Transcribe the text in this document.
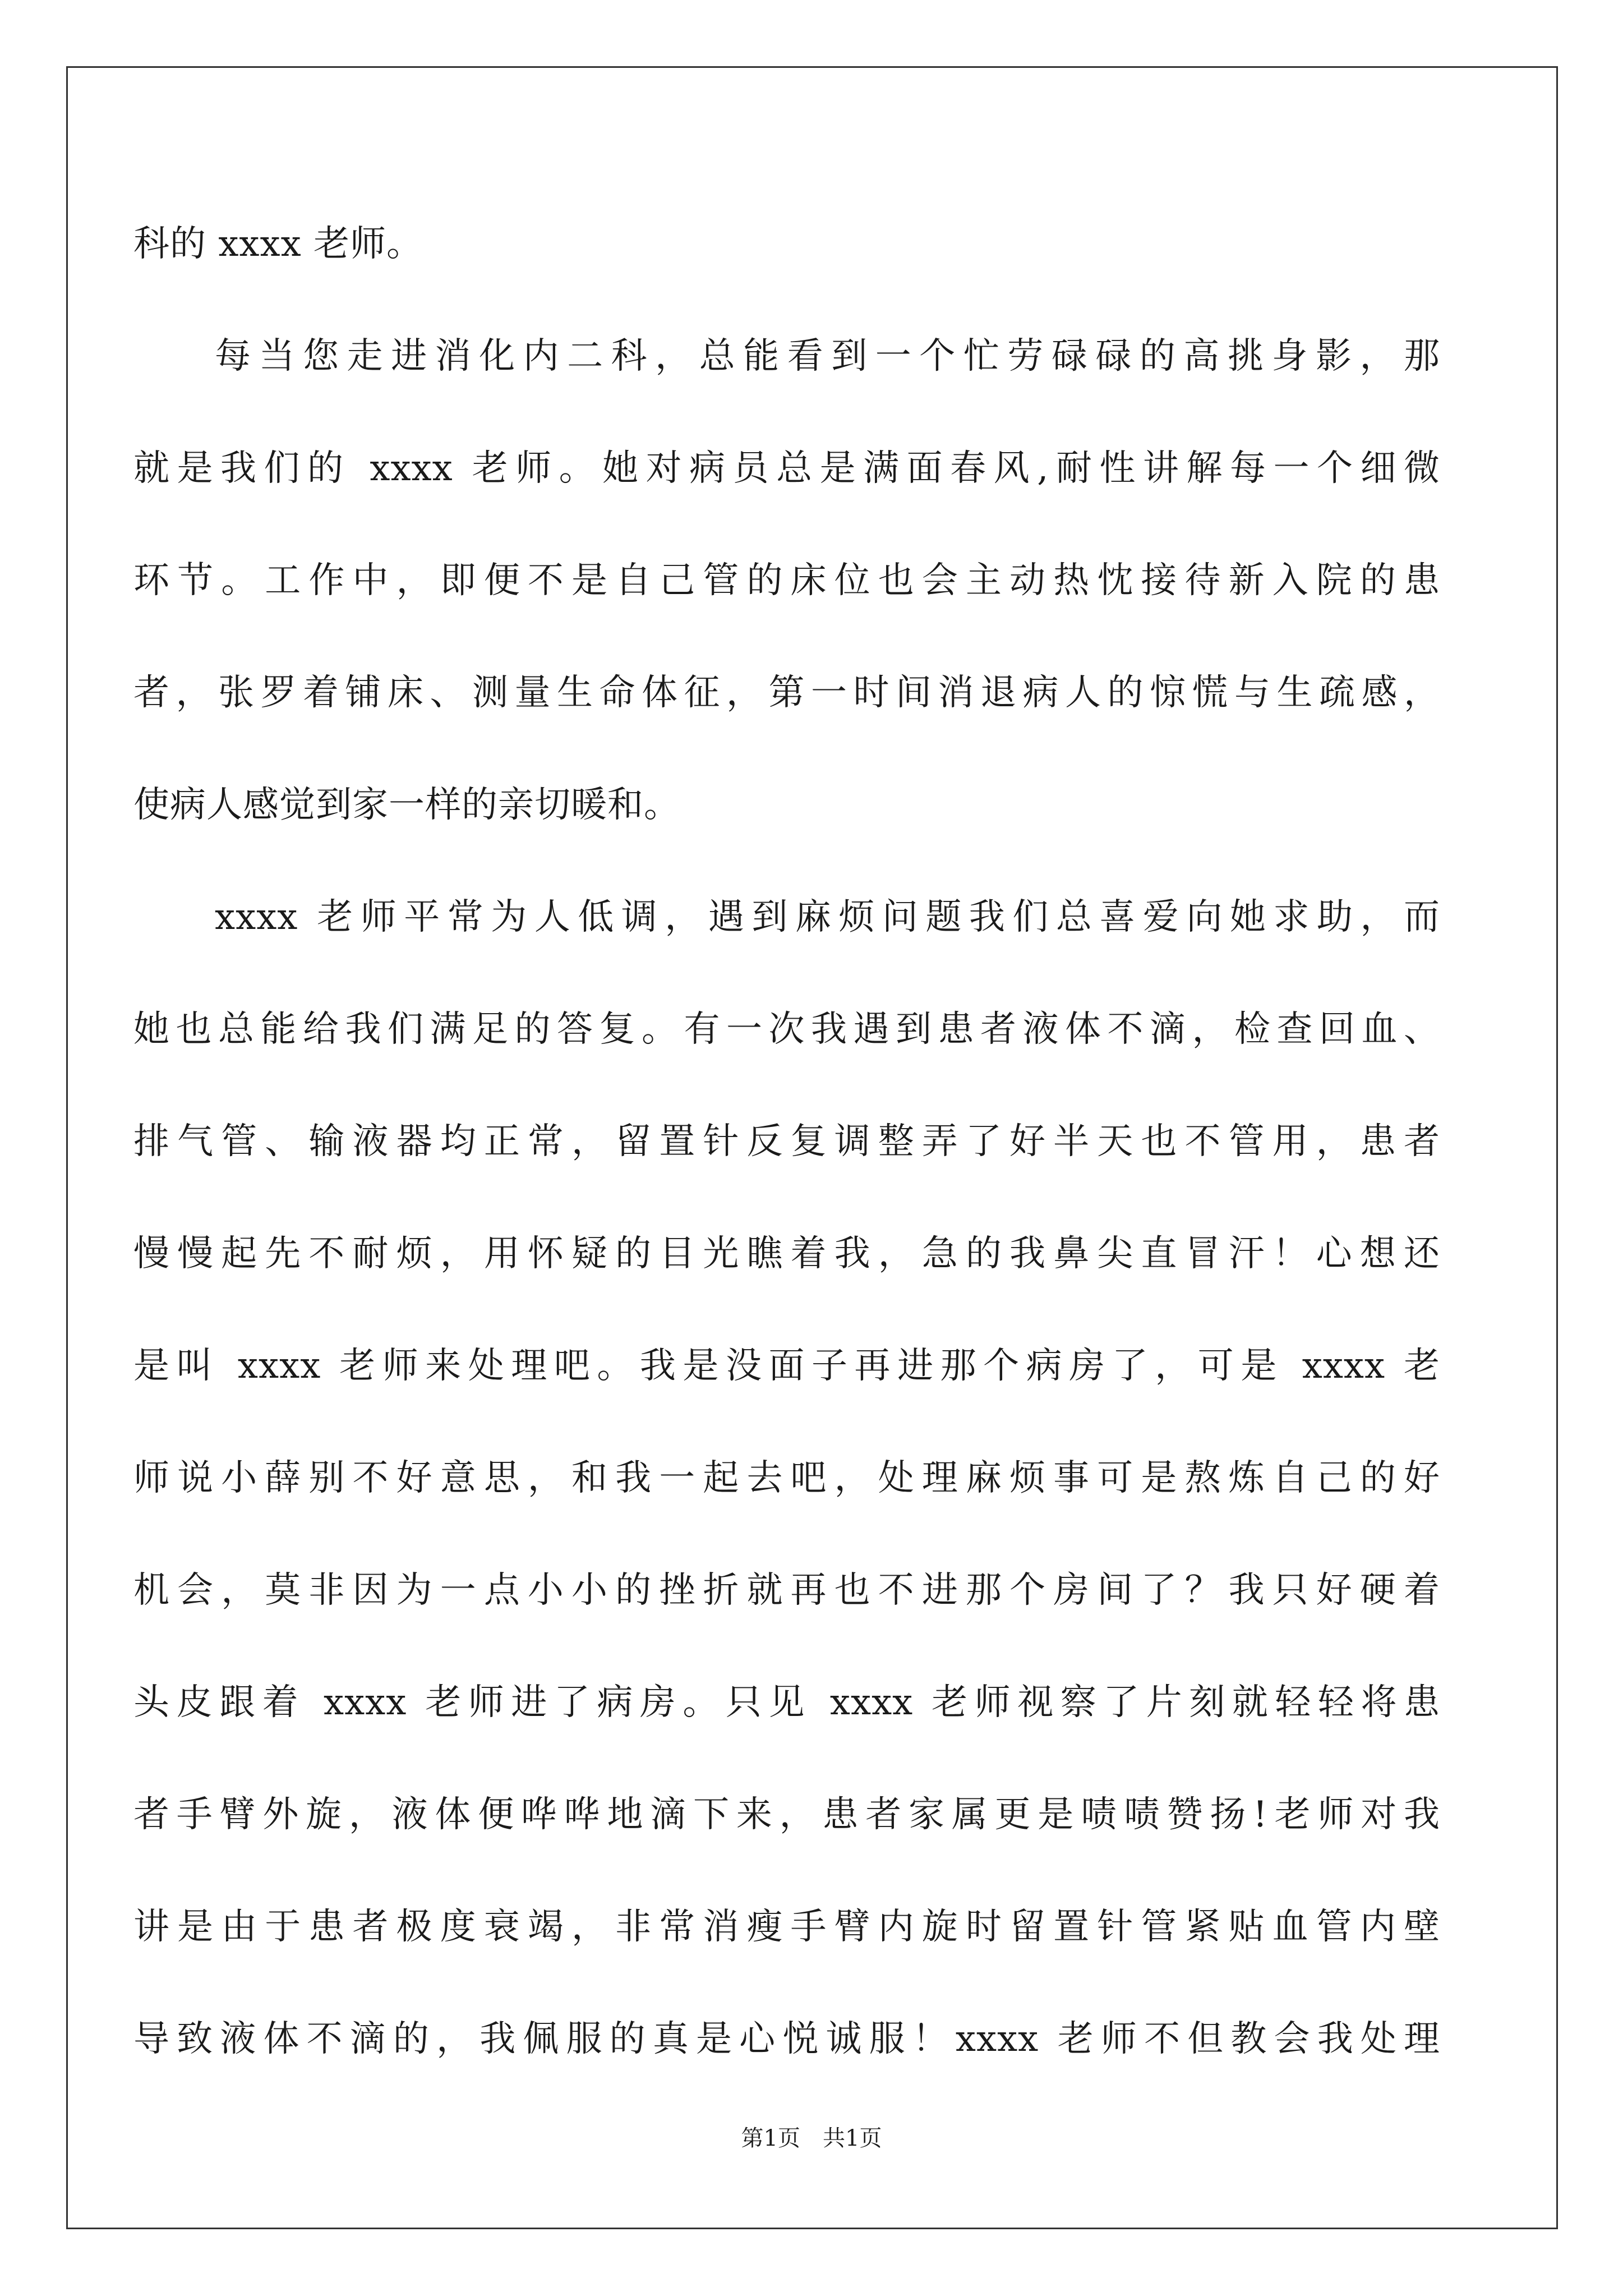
科的 xxxx 老师。
每当您走进消化内二科，总能看到一个忙劳碌碌的高挑身影，那
就是我们的 xxxx 老师。她对病员总是满面春风,耐性讲解每一个细微
环节。工作中，即便不是自己管的床位也会主动热忱接待新入院的患
者，张罗着铺床、测量生命体征，第一时间消退病人的惊慌与生疏感，
使病人感觉到家一样的亲切暖和。
xxxx 老师平常为人低调，遇到麻烦问题我们总喜爱向她求助，而
她也总能给我们满足的答复。有一次我遇到患者液体不滴，检查回血、
排气管、输液器均正常，留置针反复调整弄了好半天也不管用，患者
慢慢起先不耐烦，用怀疑的目光瞧着我，急的我鼻尖直冒汗！心想还
是叫 xxxx 老师来处理吧。我是没面子再进那个病房了，可是 xxxx 老
师说小薛别不好意思，和我一起去吧，处理麻烦事可是熬炼自己的好
机会，莫非因为一点小小的挫折就再也不进那个房间了？我只好硬着
头皮跟着 xxxx 老师进了病房。只见 xxxx 老师视察了片刻就轻轻将患
者手臂外旋，液体便哗哗地滴下来，患者家属更是啧啧赞扬!老师对我
讲是由于患者极度衰竭，非常消瘦手臂内旋时留置针管紧贴血管内壁
导致液体不滴的，我佩服的真是心悦诚服！xxxx 老师不但教会我处理
第1页 共1页
